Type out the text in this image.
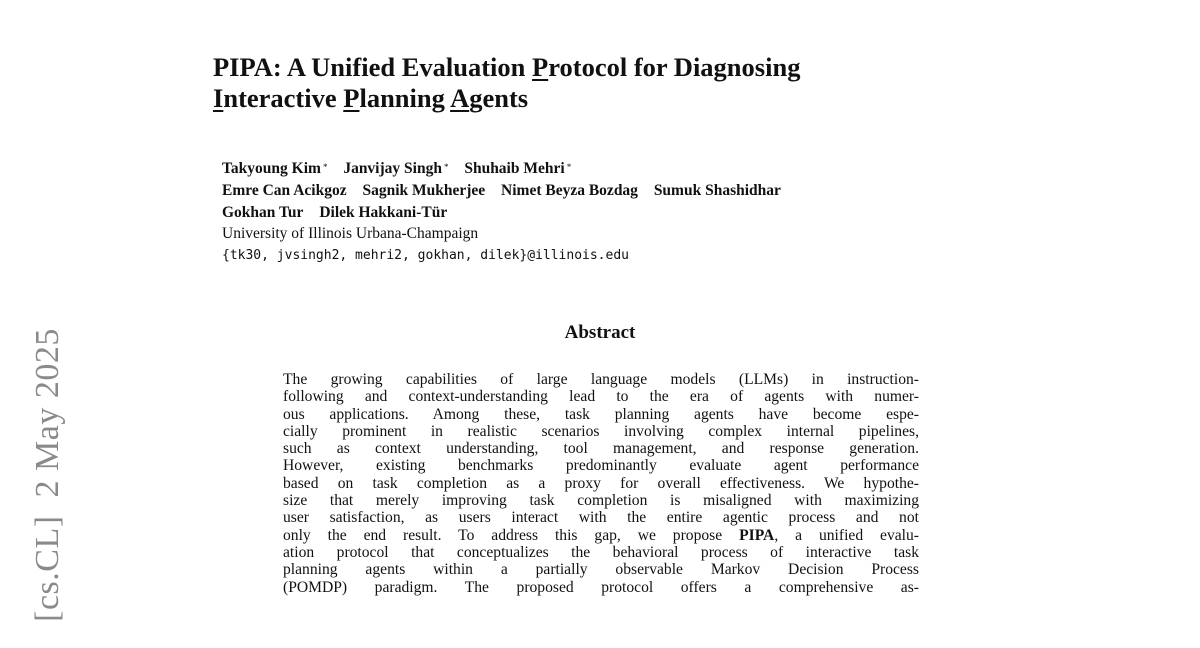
[cs.CL]  2 May 2025
PIPA: A Unified Evaluation Protocol for Diagnosing
Interactive Planning Agents
Takyoung Kim * Janvijay Singh * Shuhaib Mehri *
Emre Can Acikgoz Sagnik Mukherjee Nimet Beyza Bozdag Sumuk Shashidhar
Gokhan Tur Dilek Hakkani-Tür
University of Illinois Urbana-Champaign
{tk30, jvsingh2, mehri2, gokhan, dilek}@illinois.edu
Abstract
The growing capabilities of large language models (LLMs) in instruction-
following and context-understanding lead to the era of agents with numer-
ous applications. Among these, task planning agents have become espe-
cially prominent in realistic scenarios involving complex internal pipelines,
such as context understanding, tool management, and response generation.
However, existing benchmarks predominantly evaluate agent performance
based on task completion as a proxy for overall effectiveness. We hypothe-
size that merely improving task completion is misaligned with maximizing
user satisfaction, as users interact with the entire agentic process and not
only the end result. To address this gap, we propose PIPA, a unified evalu-
ation protocol that conceptualizes the behavioral process of interactive task
planning agents within a partially observable Markov Decision Process
(POMDP) paradigm. The proposed protocol offers a comprehensive as-
